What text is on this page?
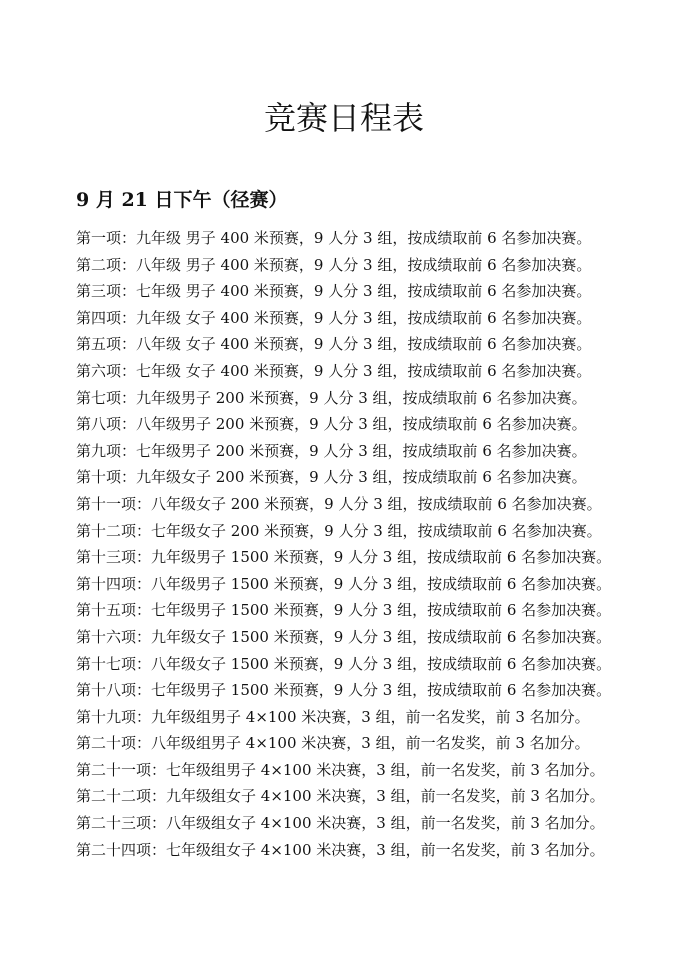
竞赛日程表
9 月 21 日下午（径赛）
第一项：九年级 男子 400 米预赛，9 人分 3 组，按成绩取前 6 名参加决赛。
第二项：八年级 男子 400 米预赛，9 人分 3 组，按成绩取前 6 名参加决赛。
第三项：七年级 男子 400 米预赛，9 人分 3 组，按成绩取前 6 名参加决赛。
第四项：九年级 女子 400 米预赛，9 人分 3 组，按成绩取前 6 名参加决赛。
第五项：八年级 女子 400 米预赛，9 人分 3 组，按成绩取前 6 名参加决赛。
第六项：七年级 女子 400 米预赛，9 人分 3 组，按成绩取前 6 名参加决赛。
第七项：九年级男子 200 米预赛，9 人分 3 组，按成绩取前 6 名参加决赛。
第八项：八年级男子 200 米预赛，9 人分 3 组，按成绩取前 6 名参加决赛。
第九项：七年级男子 200 米预赛，9 人分 3 组，按成绩取前 6 名参加决赛。
第十项：九年级女子 200 米预赛，9 人分 3 组，按成绩取前 6 名参加决赛。
第十一项：八年级女子 200 米预赛，9 人分 3 组，按成绩取前 6 名参加决赛。
第十二项：七年级女子 200 米预赛，9 人分 3 组，按成绩取前 6 名参加决赛。
第十三项：九年级男子 1500 米预赛，9 人分 3 组，按成绩取前 6 名参加决赛。
第十四项：八年级男子 1500 米预赛，9 人分 3 组，按成绩取前 6 名参加决赛。
第十五项：七年级男子 1500 米预赛，9 人分 3 组，按成绩取前 6 名参加决赛。
第十六项：九年级女子 1500 米预赛，9 人分 3 组，按成绩取前 6 名参加决赛。
第十七项：八年级女子 1500 米预赛，9 人分 3 组，按成绩取前 6 名参加决赛。
第十八项：七年级男子 1500 米预赛，9 人分 3 组，按成绩取前 6 名参加决赛。
第十九项：九年级组男子 4×100 米决赛，3 组，前一名发奖，前 3 名加分。
第二十项：八年级组男子 4×100 米决赛，3 组，前一名发奖，前 3 名加分。
第二十一项：七年级组男子 4×100 米决赛，3 组，前一名发奖，前 3 名加分。
第二十二项：九年级组女子 4×100 米决赛，3 组，前一名发奖，前 3 名加分。
第二十三项：八年级组女子 4×100 米决赛，3 组，前一名发奖，前 3 名加分。
第二十四项：七年级组女子 4×100 米决赛，3 组，前一名发奖，前 3 名加分。
